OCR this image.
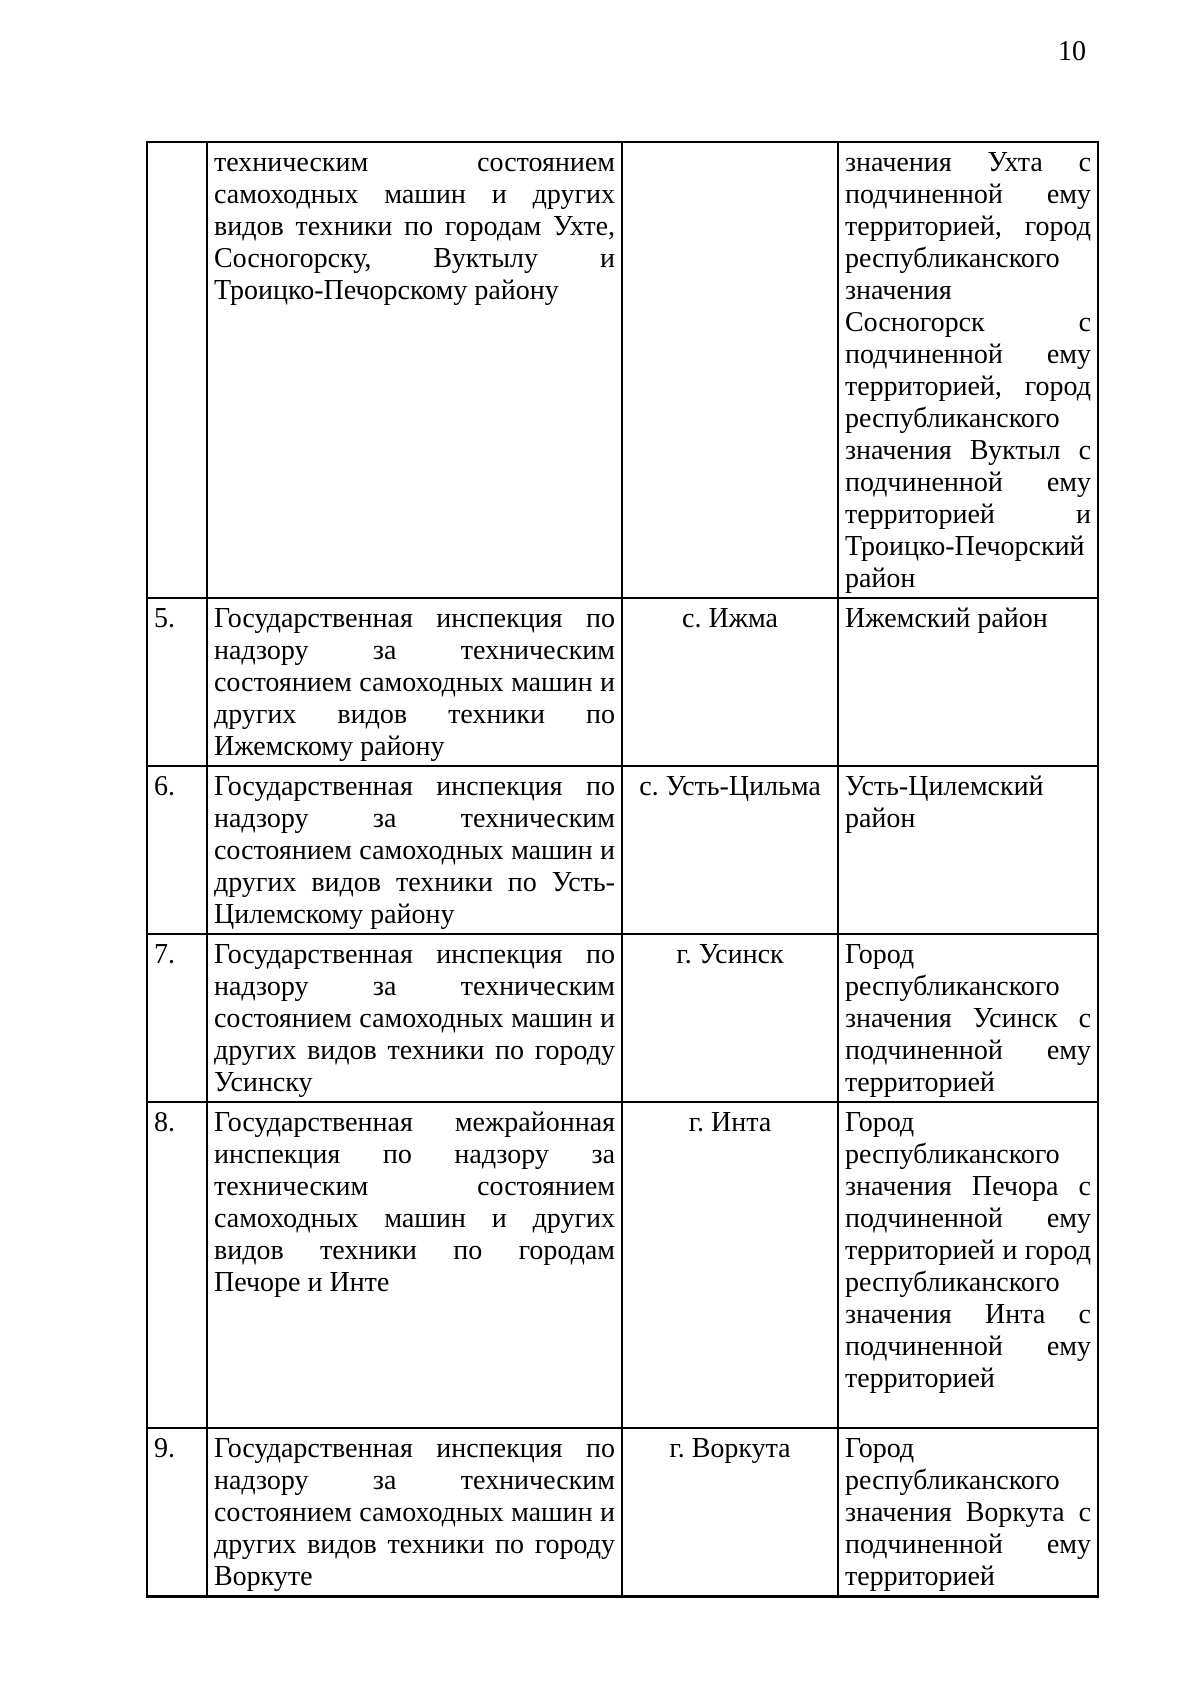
10
	техническим состоянием самоходных машин и других видов техники по городам Ухте, Сосногорску, Вуктылу и Троицко-Печорскому району		значения Ухта с подчиненной ему территорией, город республиканского значения Сосногорск с подчиненной ему территорией, город республиканского значения Вуктыл с подчиненной ему территорией и Троицко-Печорский район
5.	Государственная инспекция по надзору за техническим состоянием самоходных машин и других видов техники по Ижемскому району	с. Ижма	Ижемский район
6.	Государственная инспекция по надзору за техническим состоянием самоходных машин и других видов техники по Усть-Цилемскому району	с. Усть-Цильма	Усть-Цилемский район
7.	Государственная инспекция по надзору за техническим состоянием самоходных машин и других видов техники по городу Усинску	г. Усинск	Город республиканского значения Усинск с подчиненной ему территорией
8.	Государственная межрайонная инспекция по надзору за техническим состоянием самоходных машин и других видов техники по городам Печоре и Инте	г. Инта	Город республиканского значения Печора с подчиненной ему территорией и город республиканского значения Инта с подчиненной ему территорией
9.	Государственная инспекция по надзору за техническим состоянием самоходных машин и других видов техники по городу Воркуте	г. Воркута	Город республиканского значения Воркута с подчиненной ему территорией
